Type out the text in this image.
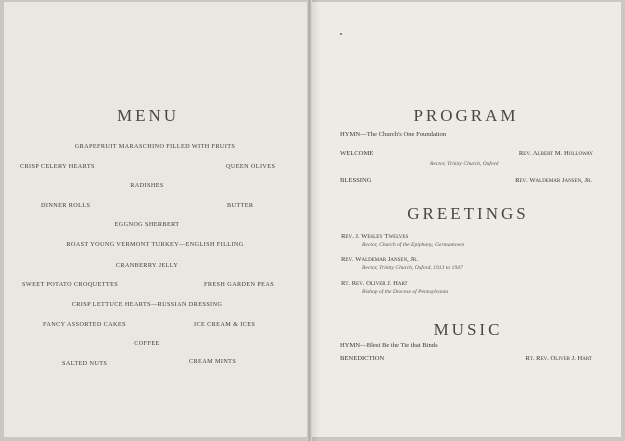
MENU
GRAPEFRUIT MARASCHINO FILLED WITH FRUITS
CRISP CELERY HEARTS	QUEEN OLIVES
RADISHES
DINNER ROLLS	BUTTER
EGGNOG SHERBERT
ROAST YOUNG VERMONT TURKEY—ENGLISH FILLING
CRANBERRY JELLY
SWEET POTATO CROQUETTES	FRESH GARDEN PEAS
CRISP LETTUCE HEARTS—RUSSIAN DRESSING
FANCY ASSORTED CAKES	ICE CREAM & ICES
COFFEE
SALTED NUTS	CREAM MINTS
PROGRAM
HYMN—The Church's One Foundation
WELCOME	Rev. Albert M. Holloway
Rector, Trinity Church, Oxford
BLESSING	Rev. Waldemar Jansen, Jr.
GREETINGS
Rev. J. Wesley Twelves
Rector, Church of the Epiphany, Germantown
Rev. Waldemar Jansen, Jr.
Rector, Trinity Church, Oxford, 1913 to 1947
Rt. Rev. Oliver J. Hart
Bishop of the Diocese of Pennsylvania
MUSIC
HYMN—Blest Be the Tie that Binds
BENEDICTION	Rt. Rev. Oliver J. Hart
